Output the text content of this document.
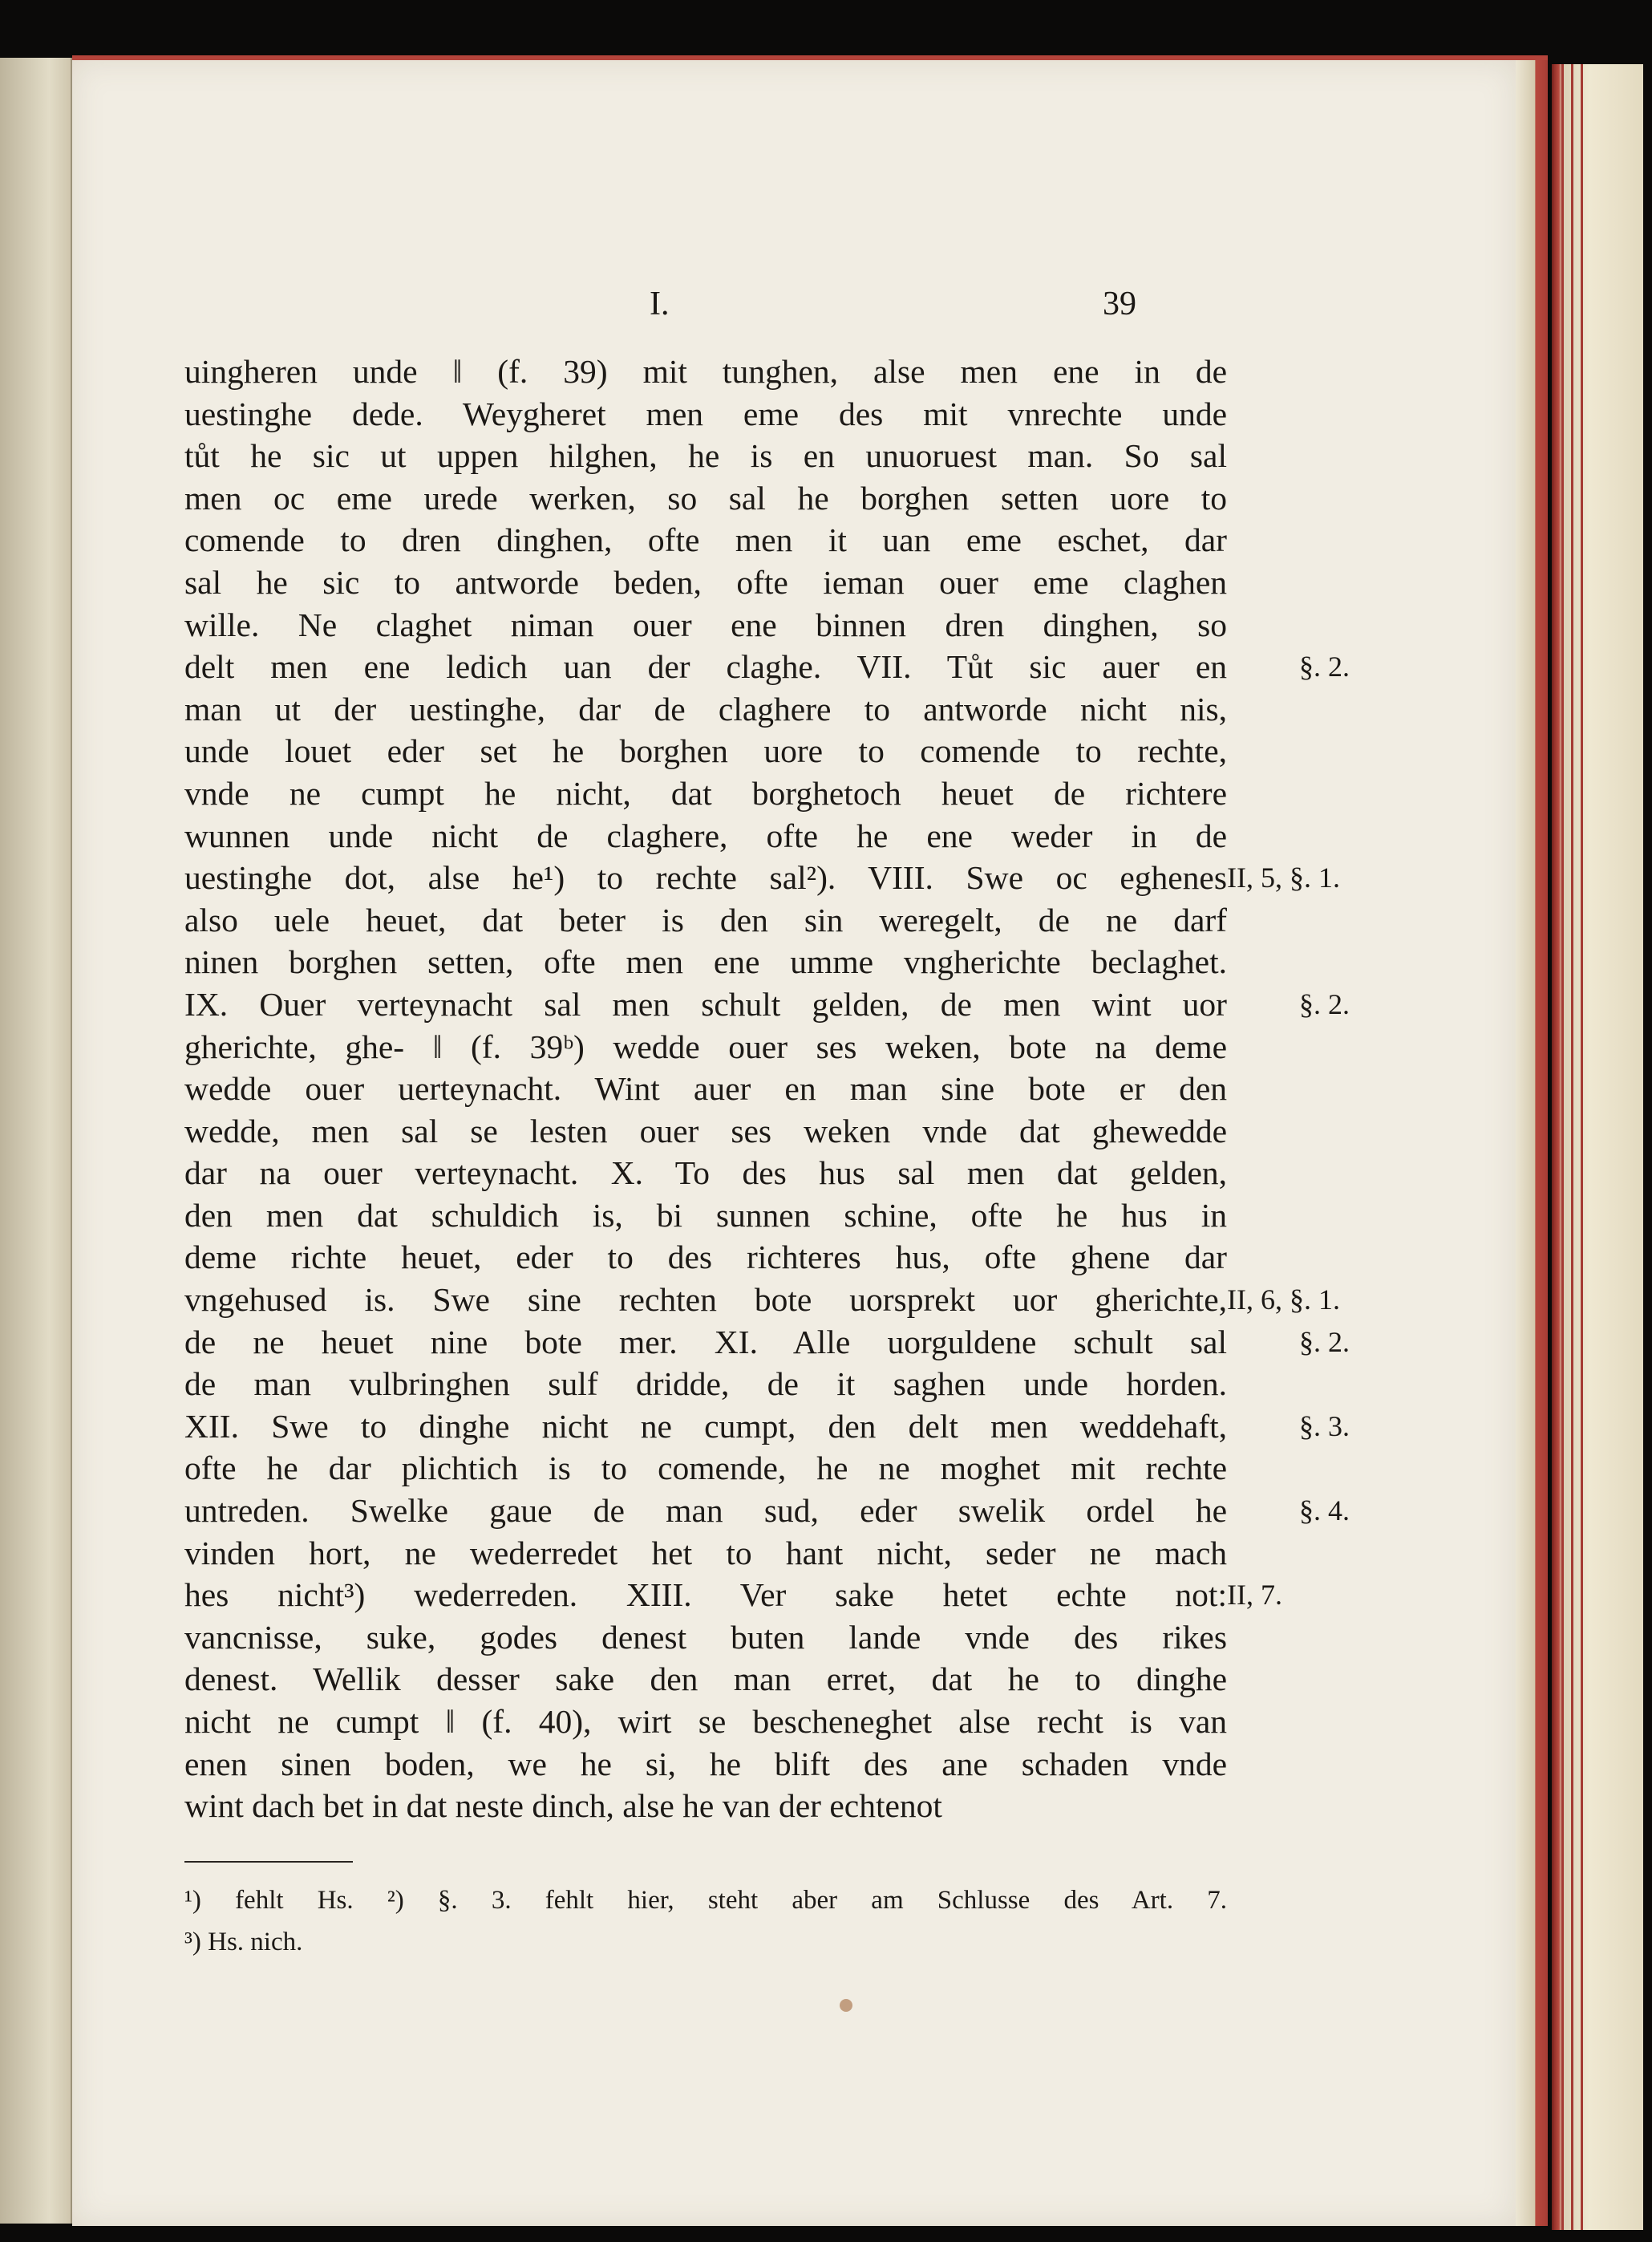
I.	39
uingheren unde ‖ (f. 39) mit tunghen, alse men ene in de
uestinghe dede. Weygheret men eme des mit vnrechte unde
tůt he sic ut uppen hilghen, he is en unuoruest man. So sal
men oc eme urede werken, so sal he borghen setten uore to
comende to dren dinghen, ofte men it uan eme eschet, dar
sal he sic to antworde beden, ofte ieman ouer eme claghen
wille. Ne claghet niman ouer ene binnen dren dinghen, so
delt men ene ledich uan der claghe. VII. Tůt sic auer en
man ut der uestinghe, dar de claghere to antworde nicht nis,
unde louet eder set he borghen uore to comende to rechte,
vnde ne cumpt he nicht, dat borghetoch heuet de richtere
wunnen unde nicht de claghere, ofte he ene weder in de
uestinghe dot, alse he¹) to rechte sal²). VIII. Swe oc eghenes
also uele heuet, dat beter is den sin weregelt, de ne darf
ninen borghen setten, ofte men ene umme vngherichte beclaghet.
IX. Ouer verteynacht sal men schult gelden, de men wint uor
gherichte, ghe- ‖ (f. 39ᵇ) wedde ouer ses weken, bote na deme
wedde ouer uerteynacht. Wint auer en man sine bote er den
wedde, men sal se lesten ouer ses weken vnde dat ghewedde
dar na ouer verteynacht. X. To des hus sal men dat gelden,
den men dat schuldich is, bi sunnen schine, ofte he hus in
deme richte heuet, eder to des richteres hus, ofte ghene dar
vngehused is. Swe sine rechten bote uorsprekt uor gherichte,
de ne heuet nine bote mer. XI. Alle uorguldene schult sal
de man vulbringhen sulf dridde, de it saghen unde horden.
XII. Swe to dinghe nicht ne cumpt, den delt men weddehaft,
ofte he dar plichtich is to comende, he ne moghet mit rechte
untreden. Swelke gaue de man sud, eder swelik ordel he
vinden hort, ne wederredet het to hant nicht, seder ne mach
hes nicht³) wederreden. XIII. Ver sake hetet echte not:
vancnisse, suke, godes denest buten lande vnde des rikes
denest. Wellik desser sake den man erret, dat he to dinghe
nicht ne cumpt ‖ (f. 40), wirt se bescheneghet alse recht is van
enen sinen boden, we he si, he blift des ane schaden vnde
wint dach bet in dat neste dinch, alse he van der echtenot
§. 2.
II, 5, §. 1.
§. 2.
II, 6, §. 1.
§. 2.
§. 3.
§. 4.
II, 7.
¹) fehlt Hs. ²) §. 3. fehlt hier, steht aber am Schlusse des Art. 7.
³) Hs. nich.
